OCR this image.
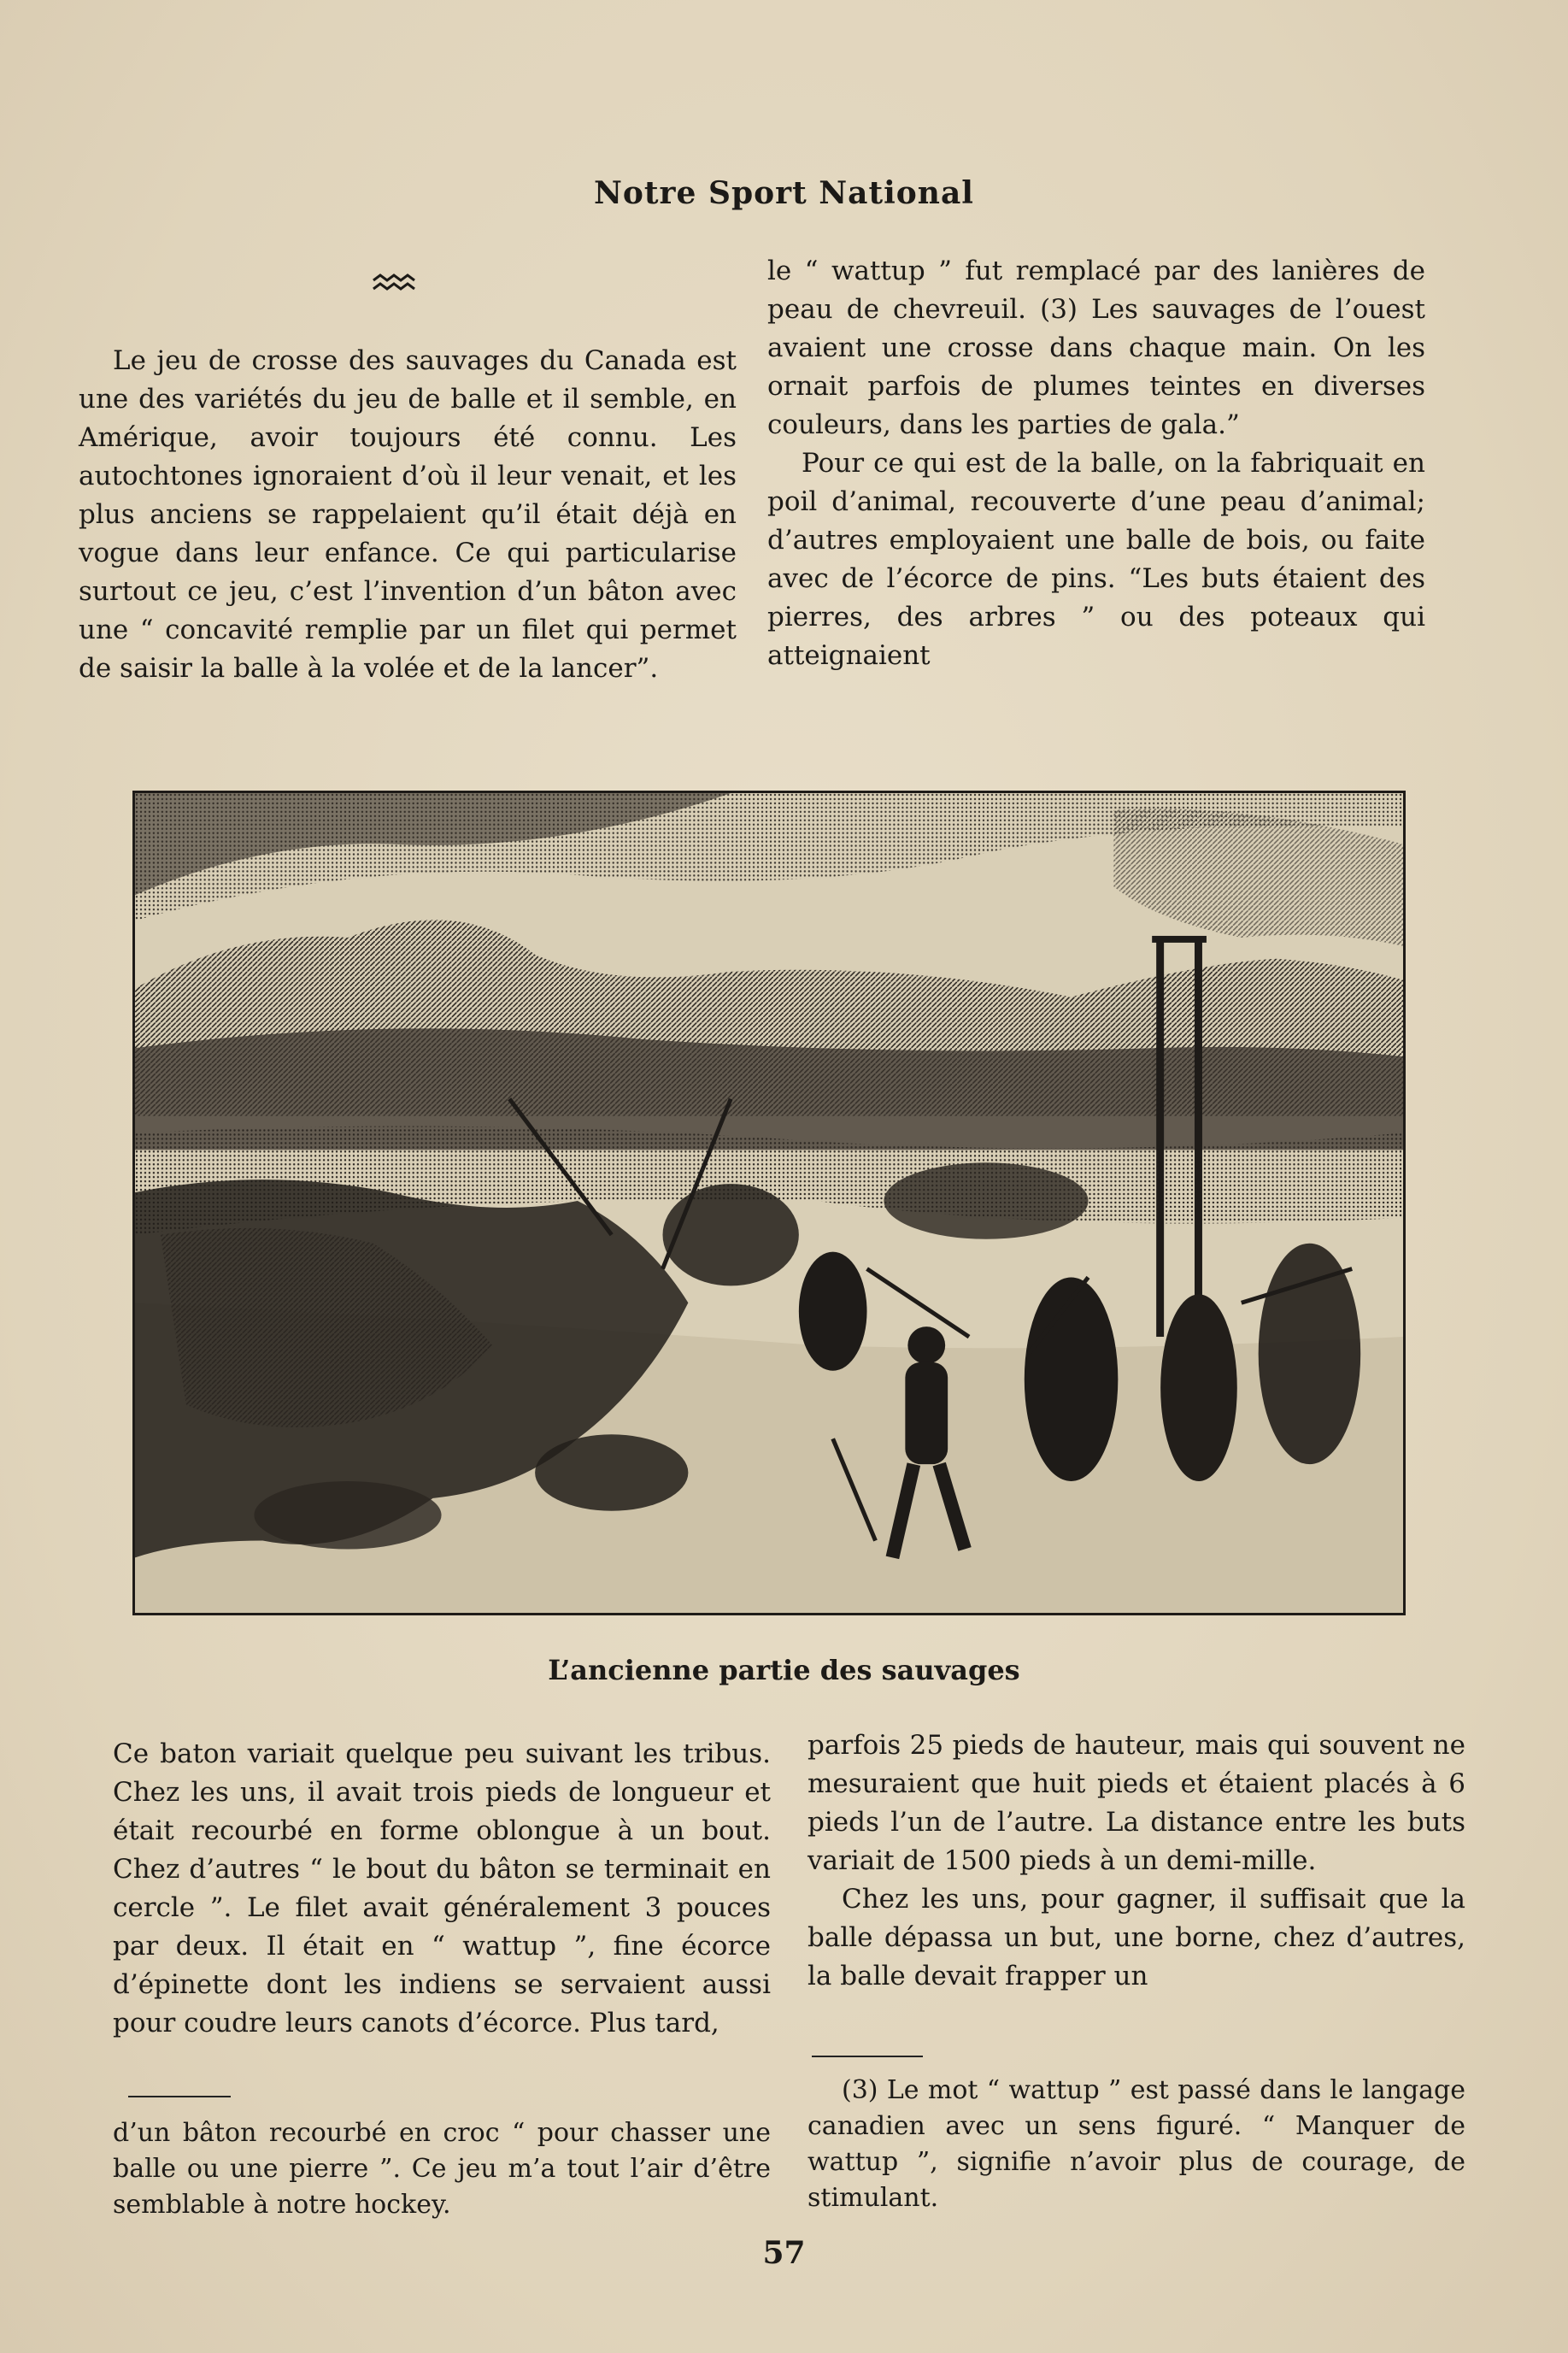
Notre Sport National

Le jeu de crosse des sauvages du Canada est une des variétés du jeu de balle et il semble, en Amérique, avoir toujours été connu. Les autochtones ignoraient d’où il leur venait, et les plus anciens se rappelaient qu’il était déjà en vogue dans leur enfance. Ce qui particularise surtout ce jeu, c’est l’invention d’un bâton avec une “ concavité remplie par un filet qui permet de saisir la balle à la volée et de la lancer”.

le “ wattup ” fut remplacé par des lanières de peau de chevreuil. (3) Les sauvages de l’ouest avaient une crosse dans chaque main. On les ornait parfois de plumes teintes en diverses couleurs, dans les parties de gala.”

Pour ce qui est de la balle, on la fabriquait en poil d’animal, recouverte d’une peau d’animal; d’autres employaient une balle de bois, ou faite avec de l’écorce de pins. “Les buts étaient des pierres, des arbres ” ou des poteaux qui atteignaient

L’ancienne partie des sauvages

Ce baton variait quelque peu suivant les tribus. Chez les uns, il avait trois pieds de longueur et était recourbé en forme oblongue à un bout. Chez d’autres “ le bout du bâton se terminait en cercle ”. Le filet avait généralement 3 pouces par deux. Il était en “ wattup ”, fine écorce d’épinette dont les indiens se servaient aussi pour coudre leurs canots d’écorce. Plus tard,

d’un bâton recourbé en croc “ pour chasser une balle ou une pierre ”. Ce jeu m’a tout l’air d’être semblable à notre hockey.

parfois 25 pieds de hauteur, mais qui souvent ne mesuraient que huit pieds et étaient placés à 6 pieds l’un de l’autre. La distance entre les buts variait de 1500 pieds à un demi-mille.

Chez les uns, pour gagner, il suffisait que la balle dépassa un but, une borne, chez d’autres, la balle devait frapper un

(3) Le mot “ wattup ” est passé dans le langage canadien avec un sens figuré. “ Manquer de wattup ”, signifie n’avoir plus de courage, de stimulant.

57
